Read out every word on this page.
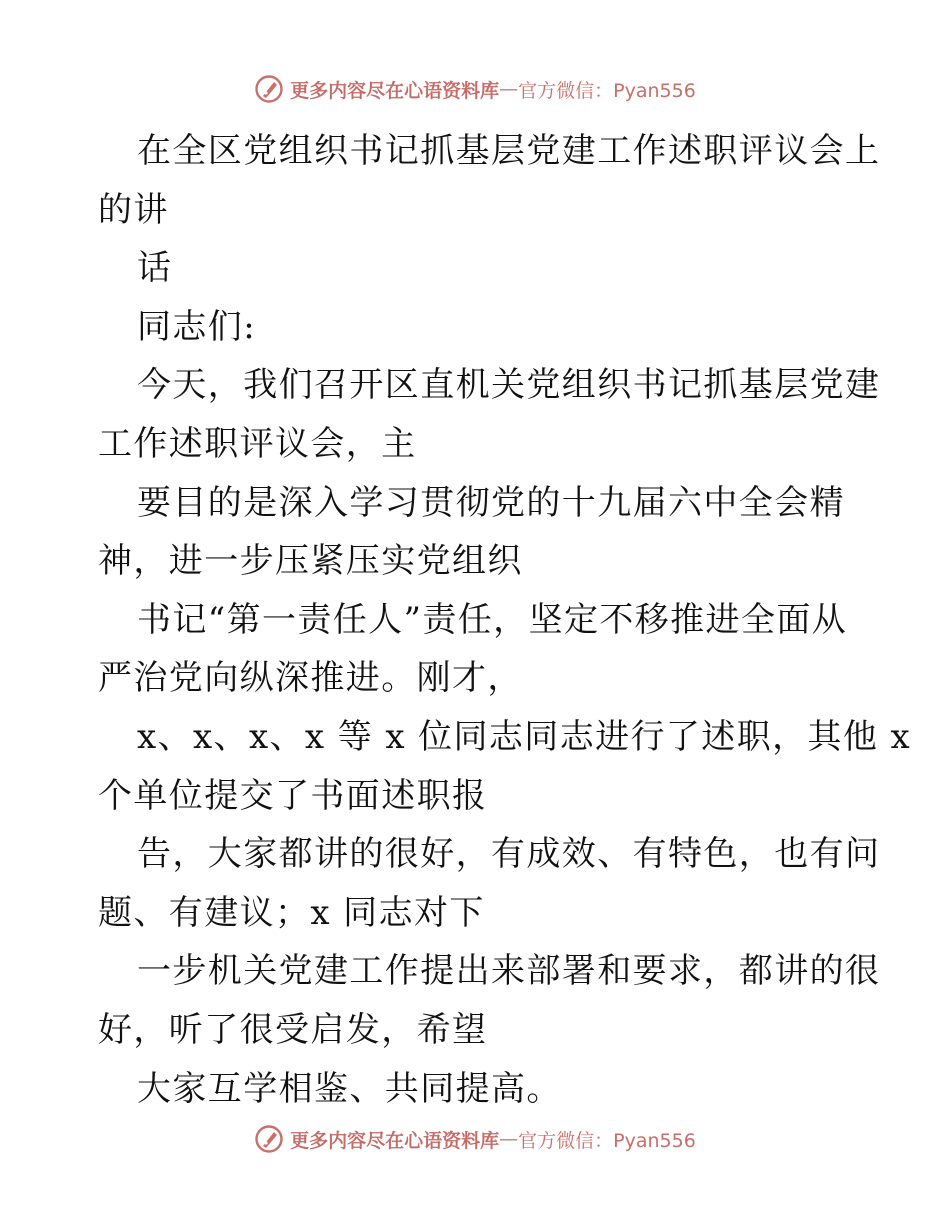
更多内容尽在心语资料库 — 官方微信：Pyan556
在全区党组织书记抓基层党建工作述职评议会上
的讲
话
同志们:
今天，我们召开区直机关党组织书记抓基层党建
工作述职评议会，主
要目的是深入学习贯彻党的十九届六中全会精
神，进一步压紧压实党组织
书记“第一责任人”责任，坚定不移推进全面从
严治党向纵深推进。刚才，
x、x、x、x 等 x 位同志同志进行了述职，其他 x
个单位提交了书面述职报
告，大家都讲的很好，有成效、有特色，也有问
题、有建议；x 同志对下
一步机关党建工作提出来部署和要求，都讲的很
好，听了很受启发，希望
大家互学相鉴、共同提高。
更多内容尽在心语资料库 — 官方微信：Pyan556
